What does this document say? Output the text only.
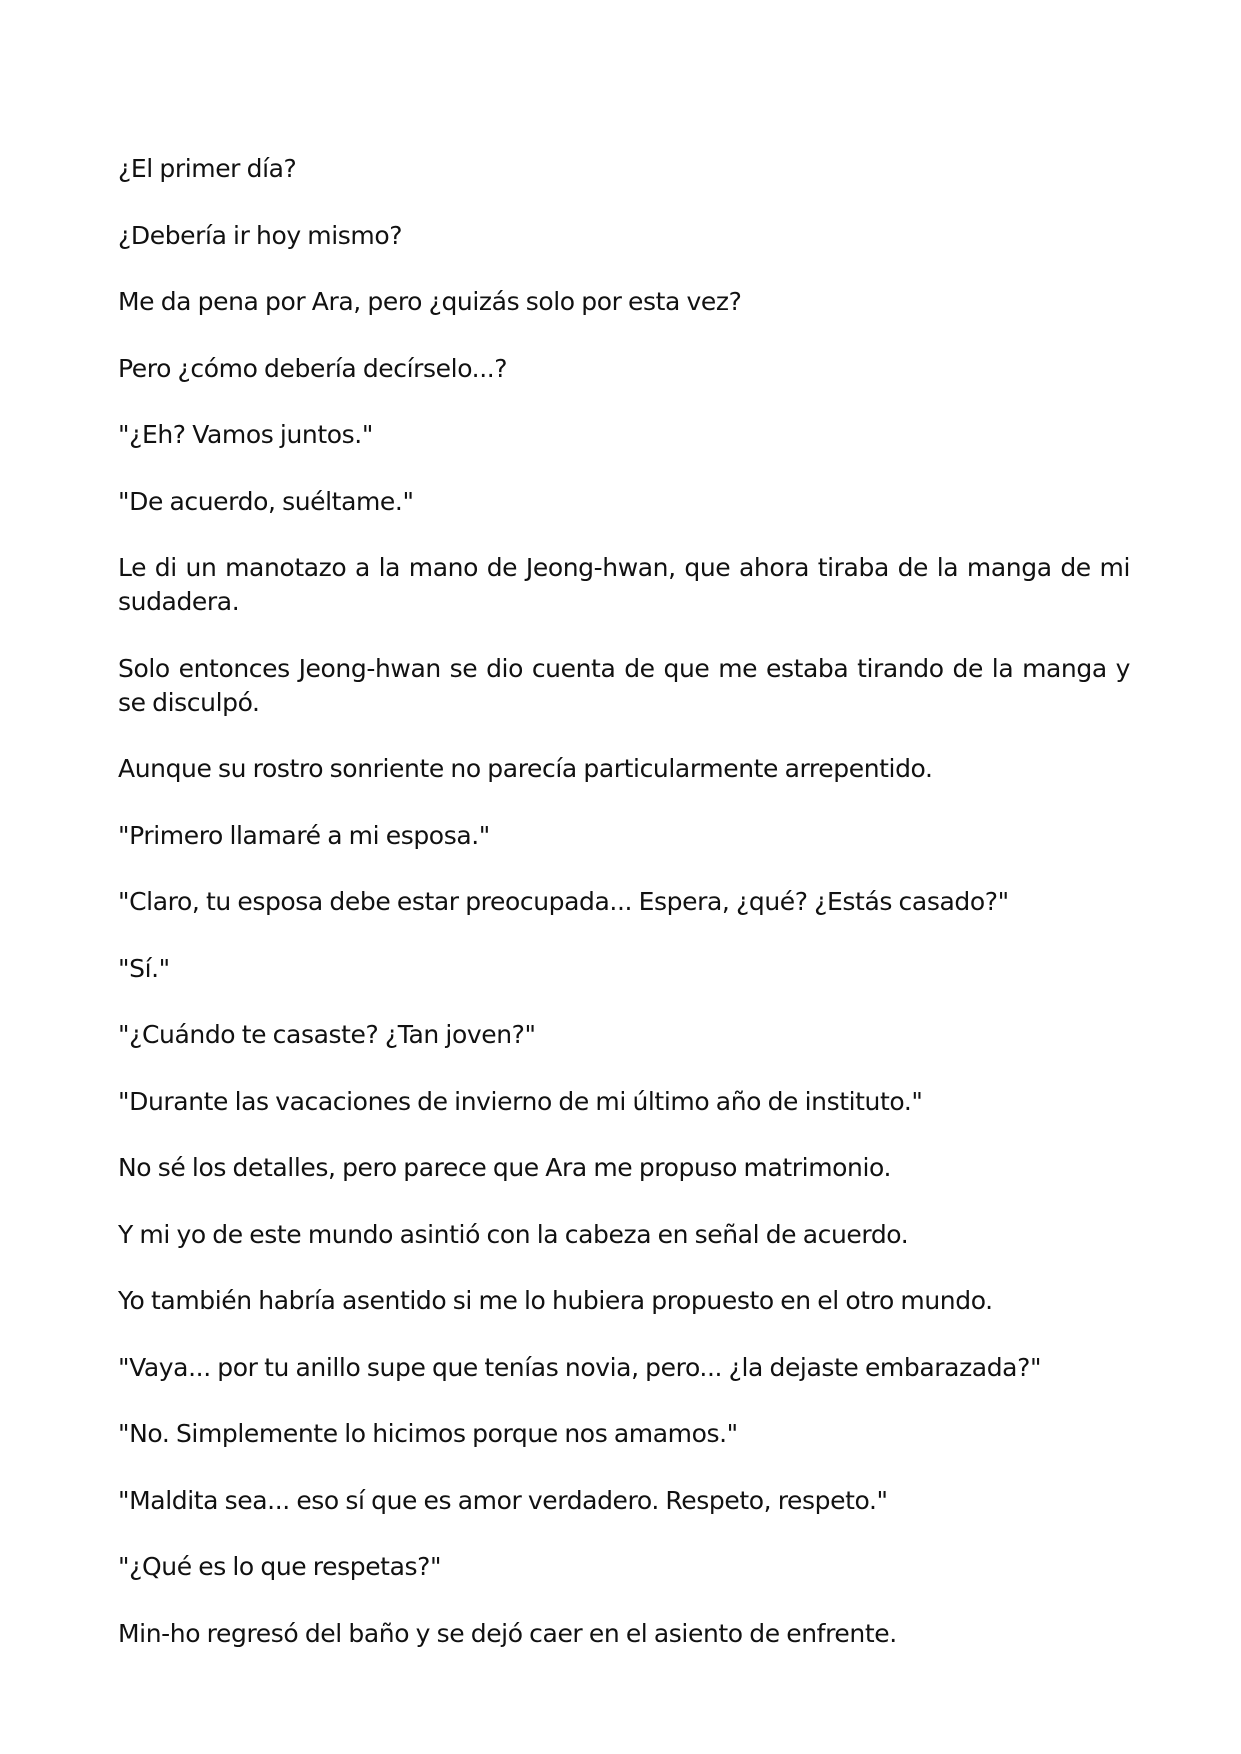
¿El primer día?

¿Debería ir hoy mismo?

Me da pena por Ara, pero ¿quizás solo por esta vez?

Pero ¿cómo debería decírselo...?

"¿Eh? Vamos juntos."

"De acuerdo, suéltame."

Le di un manotazo a la mano de Jeong-hwan, que ahora tiraba de la manga de mi sudadera.

Solo entonces Jeong-hwan se dio cuenta de que me estaba tirando de la manga y se disculpó.

Aunque su rostro sonriente no parecía particularmente arrepentido.

"Primero llamaré a mi esposa."

"Claro, tu esposa debe estar preocupada... Espera, ¿qué? ¿Estás casado?"

"Sí."

"¿Cuándo te casaste? ¿Tan joven?"

"Durante las vacaciones de invierno de mi último año de instituto."

No sé los detalles, pero parece que Ara me propuso matrimonio.

Y mi yo de este mundo asintió con la cabeza en señal de acuerdo.

Yo también habría asentido si me lo hubiera propuesto en el otro mundo.

"Vaya... por tu anillo supe que tenías novia, pero... ¿la dejaste embarazada?"

"No. Simplemente lo hicimos porque nos amamos."

"Maldita sea... eso sí que es amor verdadero. Respeto, respeto."

"¿Qué es lo que respetas?"

Min-ho regresó del baño y se dejó caer en el asiento de enfrente.
